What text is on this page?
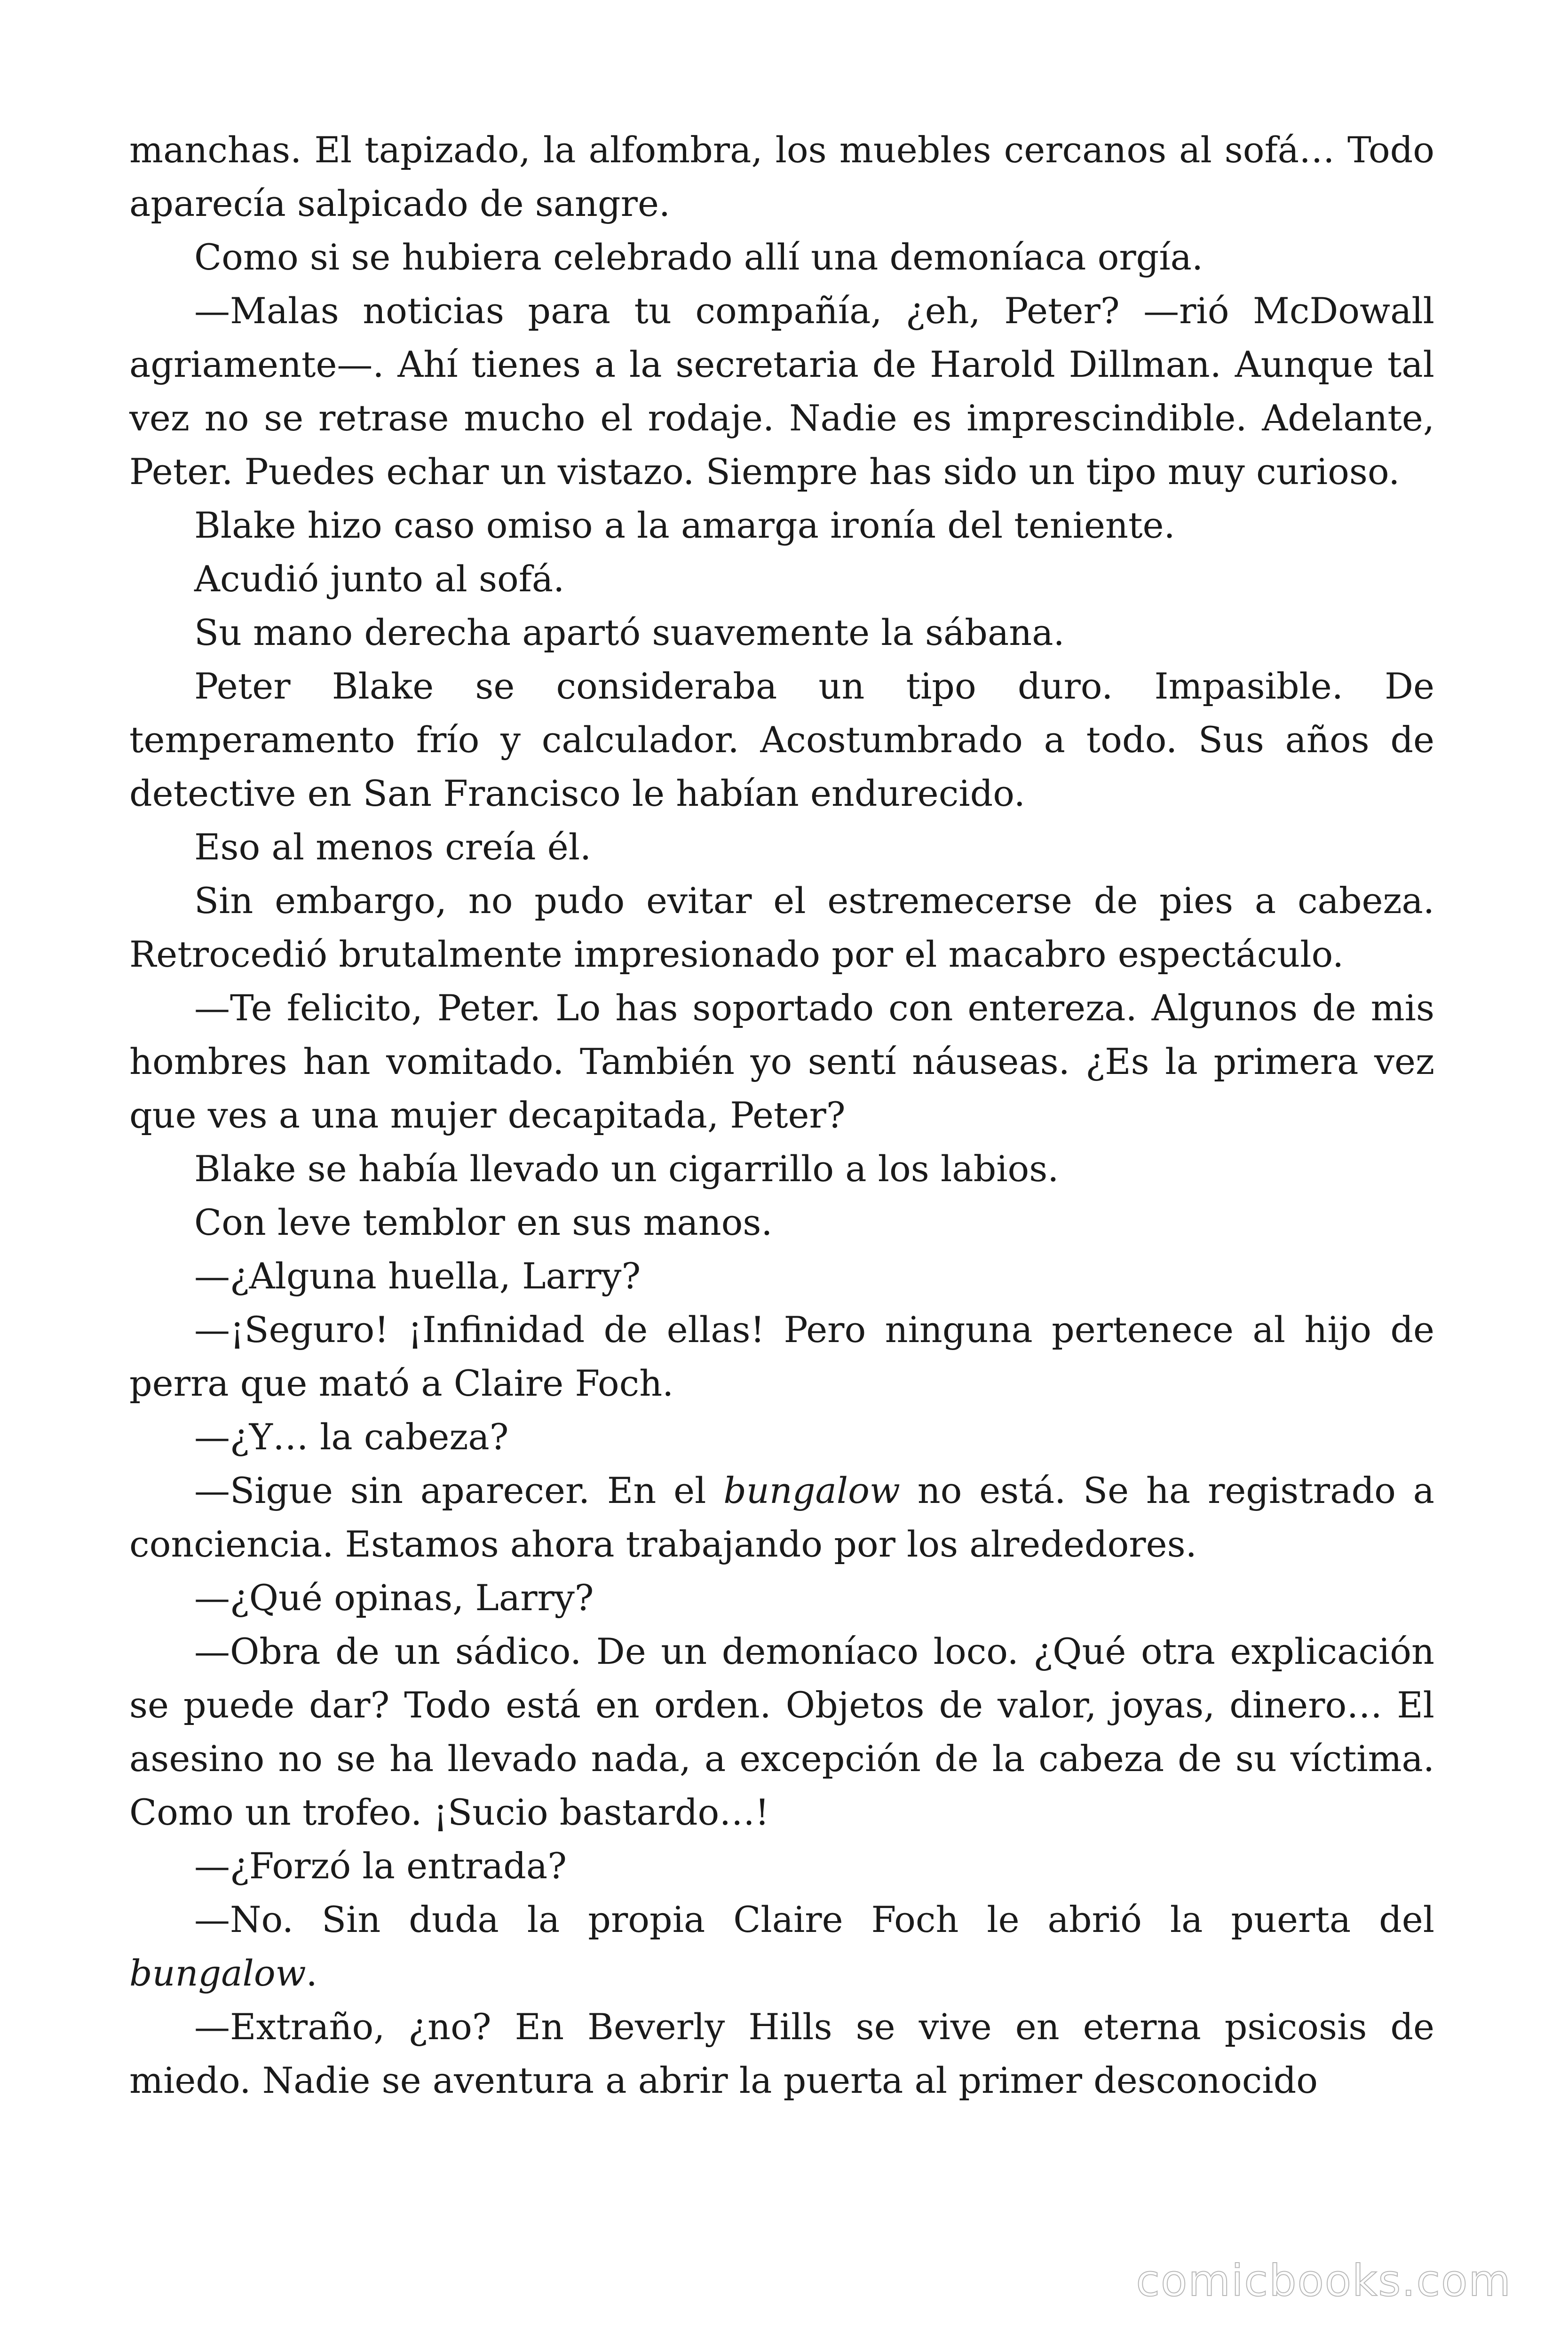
manchas. El tapizado, la alfombra, los muebles cercanos al sofá… Todo aparecía salpicado de sangre.

Como si se hubiera celebrado allí una demoníaca orgía.

—Malas noticias para tu compañía, ¿eh, Peter? —rió McDowall agriamente—. Ahí tienes a la secretaria de Harold Dillman. Aunque tal vez no se retrase mucho el rodaje. Nadie es imprescindible. Adelante, Peter. Puedes echar un vistazo. Siempre has sido un tipo muy curioso.

Blake hizo caso omiso a la amarga ironía del teniente.

Acudió junto al sofá.

Su mano derecha apartó suavemente la sábana.

Peter Blake se consideraba un tipo duro. Impasible. De temperamento frío y calculador. Acostumbrado a todo. Sus años de detective en San Francisco le habían endurecido.

Eso al menos creía él.

Sin embargo, no pudo evitar el estremecerse de pies a cabeza. Retrocedió brutalmente impresionado por el macabro espectáculo.

—Te felicito, Peter. Lo has soportado con entereza. Algunos de mis hombres han vomitado. También yo sentí náuseas. ¿Es la primera vez que ves a una mujer decapitada, Peter?

Blake se había llevado un cigarrillo a los labios.

Con leve temblor en sus manos.

—¿Alguna huella, Larry?

—¡Seguro! ¡Infinidad de ellas! Pero ninguna pertenece al hijo de perra que mató a Claire Foch.

—¿Y… la cabeza?

—Sigue sin aparecer. En el bungalow no está. Se ha registrado a conciencia. Estamos ahora trabajando por los alrededores.

—¿Qué opinas, Larry?

—Obra de un sádico. De un demoníaco loco. ¿Qué otra explicación se puede dar? Todo está en orden. Objetos de valor, joyas, dinero… El asesino no se ha llevado nada, a excepción de la cabeza de su víctima. Como un trofeo. ¡Sucio bastardo…!

—¿Forzó la entrada?

—No. Sin duda la propia Claire Foch le abrió la puerta del bungalow.

—Extraño, ¿no? En Beverly Hills se vive en eterna psicosis de miedo. Nadie se aventura a abrir la puerta al primer desconocido

comicbooks.com
